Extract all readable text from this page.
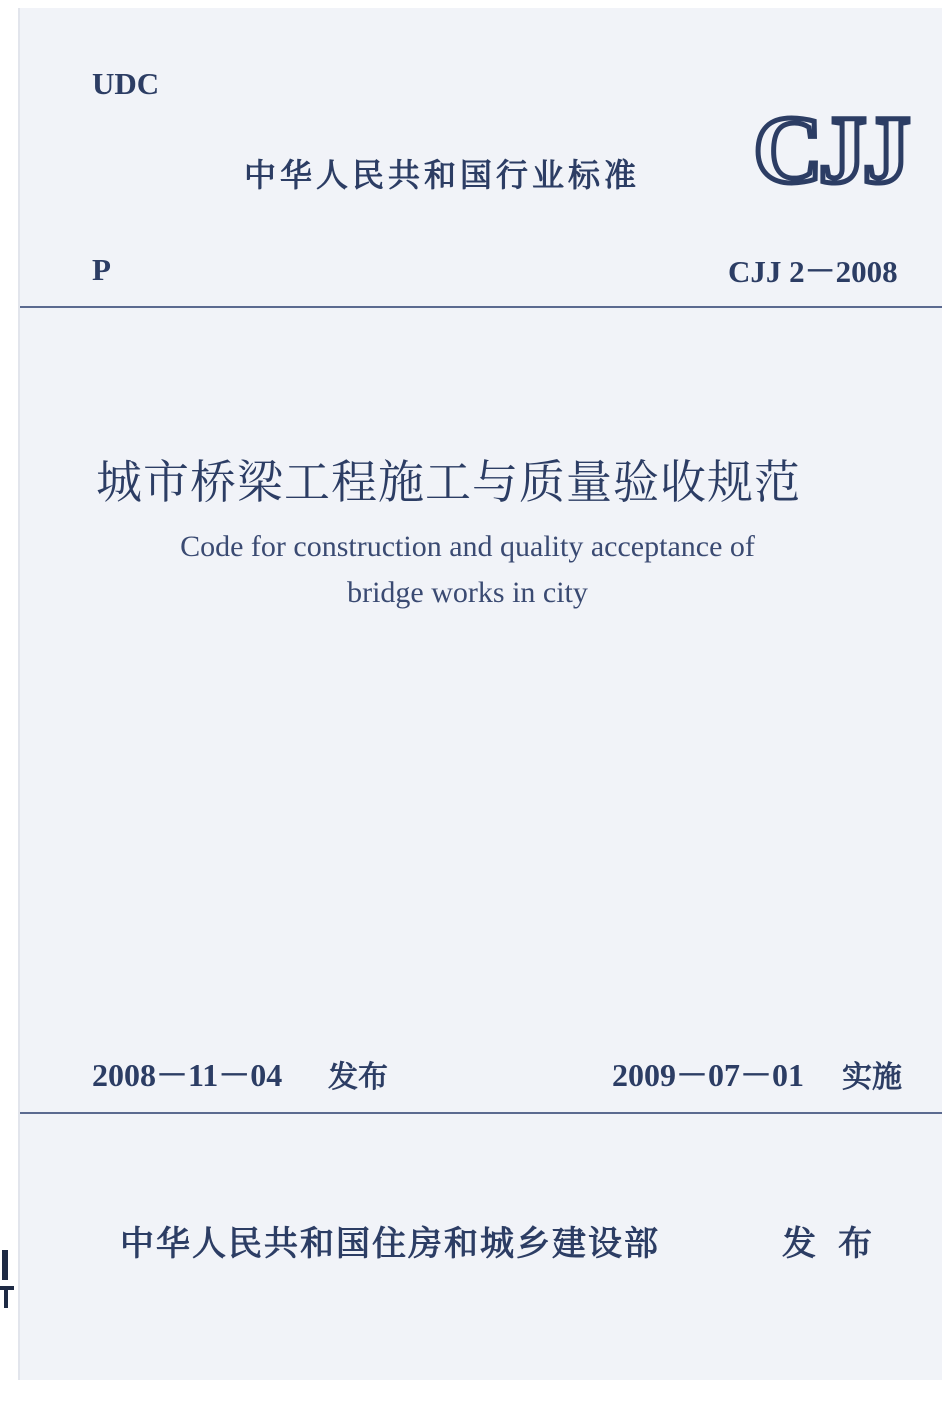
UDC
中华人民共和国行业标准 CJJ
P	CJJ 2－2008
城市桥梁工程施工与质量验收规范
Code for construction and quality acceptance of
bridge works in city
2008－11－04 发布	2009－07－01 实施
中华人民共和国住房和城乡建设部	发布
